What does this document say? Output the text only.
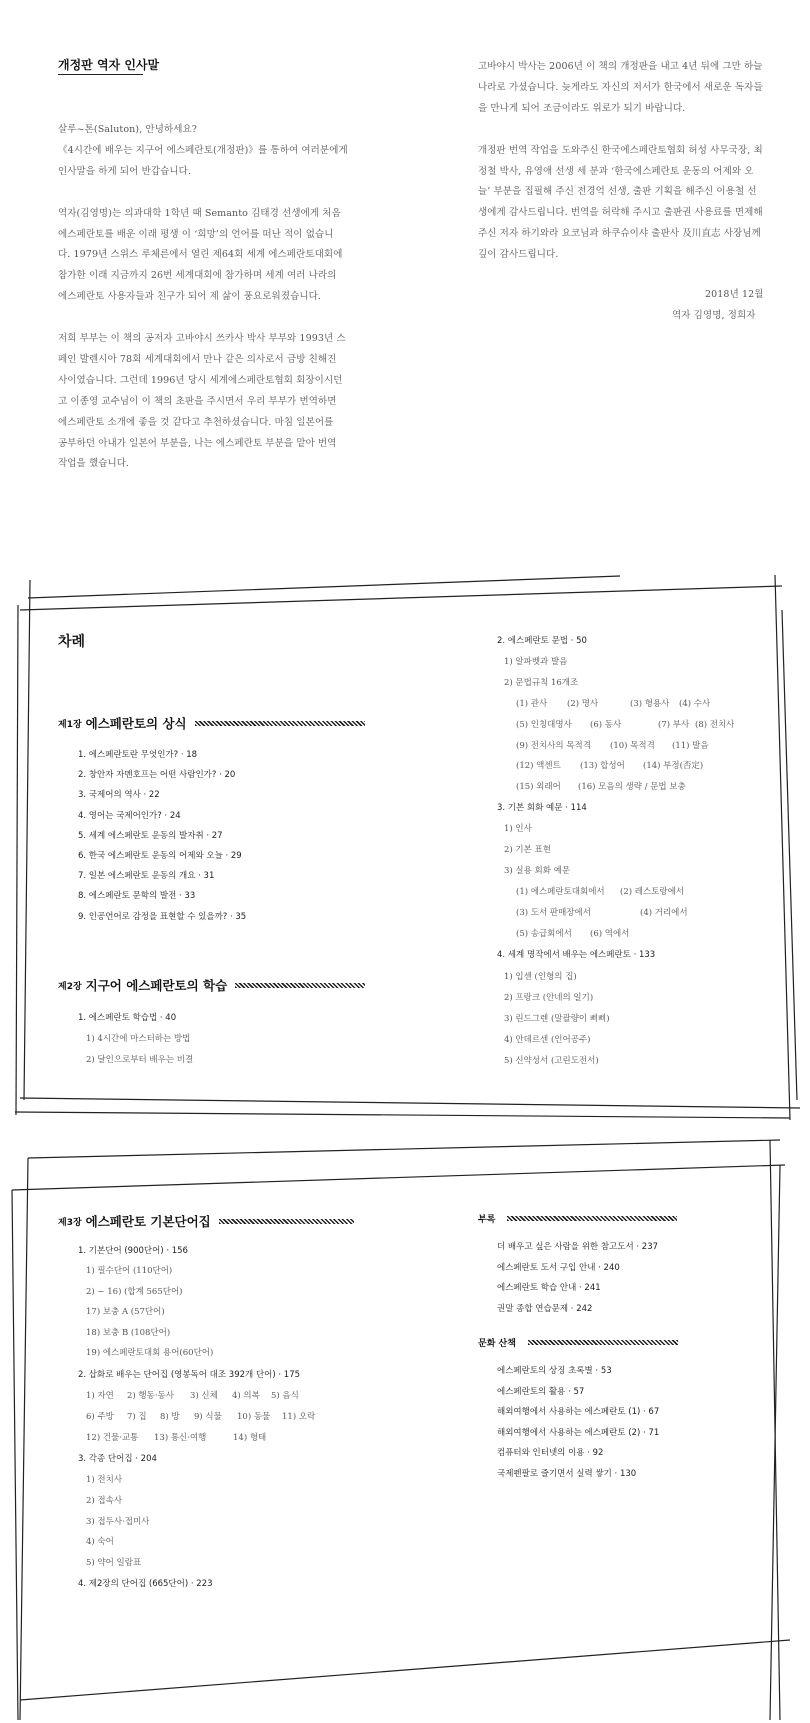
개정판 역자 인사말
살루~톤(Saluton), 안녕하세요?
《4시간에 배우는 지구어 에스페란토(개정판)》를 통하여 여러분에게
인사말을 하게 되어 반갑습니다.
역자(김영명)는 의과대학 1학년 때 Semanto 김태경 선생에게 처음
에스페란토를 배운 이래 평생 이 ‘희망’의 언어를 떠난 적이 없습니
다. 1979년 스위스 루체른에서 열린 제64회 세계 에스페란토대회에
참가한 이래 지금까지 26번 세계대회에 참가하며 세계 여러 나라의
에스페란토 사용자들과 친구가 되어 제 삶이 풍요로워졌습니다.
저희 부부는 이 책의 공저자 고바야시 쓰카사 박사 부부와 1993년 스
페인 발렌시아 78회 세계대회에서 만나 같은 의사로서 금방 친해진
사이였습니다. 그런데 1996년 당시 세계에스페란토협회 회장이시던
고 이종영 교수님이 이 책의 초판을 주시면서 우리 부부가 번역하면
에스페란토 소개에 좋을 것 같다고 추천하셨습니다. 마침 일본어를
공부하던 아내가 일본어 부분을, 나는 에스페란토 부분을 맡아 번역
작업을 했습니다.
고바야시 박사는 2006년 이 책의 개정판을 내고 4년 뒤에 그만 하늘
나라로 가셨습니다. 늦게라도 자신의 저서가 한국에서 새로운 독자들
을 만나게 되어 조금이라도 위로가 되기 바랍니다.
개정판 번역 작업을 도와주신 한국에스페란토협회 허성 사무국장, 최
정철 박사, 유영애 선생 세 분과 ‘한국에스페란토 운동의 어제와 오
늘’ 부분을 집필해 주신 전경억 선생, 출판 기획을 해주신 이용철 선
생에게 감사드립니다. 번역을 허락해 주시고 출판권 사용료를 면제해
주신 저자 하기와라 요코님과 하쿠슈이샤 출판사 及川直志 사장님께
깊이 감사드립니다.
2018년 12월
역자 김영명, 정희자
차례
제1장 에스페란토의 상식
1. 에스페란토란 무엇인가? · 18
2. 창안자 자멘호프는 어떤 사람인가? · 20
3. 국제어의 역사 · 22
4. 영어는 국제어인가? · 24
5. 세계 에스페란토 운동의 발자취 · 27
6. 한국 에스페란토 운동의 어제와 오늘 · 29
7. 일본 에스페란토 운동의 개요 · 31
8. 에스페란토 문학의 발전 · 33
9. 인공언어로 감정을 표현할 수 있을까? · 35
제2장 지구어 에스페란토의 학습
1. 에스페란토 학습법 · 40
1) 4시간에 마스터하는 방법
2) 달인으로부터 배우는 비결
2. 에스페란토 문법 · 50
1) 알파벳과 발음
2) 문법규칙 16개조
(1) 관사 (2) 명사	(3) 형용사 (4) 수사
(5) 인칭대명사 (6) 동사	(7) 부사 (8) 전치사
(9) 전치사의 목적격 (10) 목적격 (11) 발음
(12) 액센트 (13) 합성어 (14) 부정(否定)
(15) 외래어 (16) 모음의 생략 / 문법 보충
3. 기본 회화 예문 · 114
1) 인사
2) 기본 표현
3) 실용 회화 예문
(1) 에스페란토대회에서 (2) 레스토랑에서
(3) 도서 판매장에서	(4) 거리에서
(5) 송급회에서 (6) 역에서
4. 세계 명작에서 배우는 에스페란토 · 133
1) 입센 (인형의 집)
2) 프랑크 (안네의 일기)
3) 린드그렌 (말괄량이 삐삐)
4) 안데르센 (인어공주)
5) 신약성서 (고린도전서)
제3장 에스페란토 기본단어집
1. 기본단어 (900단어) · 156
1) 필수단어 (110단어)
2) ~ 16) (합계 565단어)
17) 보충 A (57단어)
18) 보충 B (108단어)
19) 에스페란토대회 용어(60단어)
2. 삽화로 배우는 단어집 (영봉독어 대조 392개 단어) · 175
1) 자연 2) 행동·동사 3) 신체 4) 의복 5) 음식
6) 주방 7) 집 8) 방 9) 식물 10) 동물 11) 오락
12) 건물·교통 13) 통신·여행	14) 형태
3. 각종 단어집 · 204
1) 전치사
2) 접속사
3) 접두사·접미사
4) 숙어
5) 약어 일람표
4. 제2장의 단어집 (665단어) · 223
부록
더 배우고 싶은 사람을 위한 참고도서 · 237
에스페란토 도서 구입 안내 · 240
에스페란토 학습 안내 · 241
권말 종합 연습문제 · 242
문화 산책
에스페란토의 상징 초록별 · 53
에스페란토의 활용 · 57
해외여행에서 사용하는 에스페란토 (1) · 67
해외여행에서 사용하는 에스페란토 (2) · 71
컴퓨터와 인터넷의 이용 · 92
국제펜팔로 즐기면서 실력 쌓기 · 130
